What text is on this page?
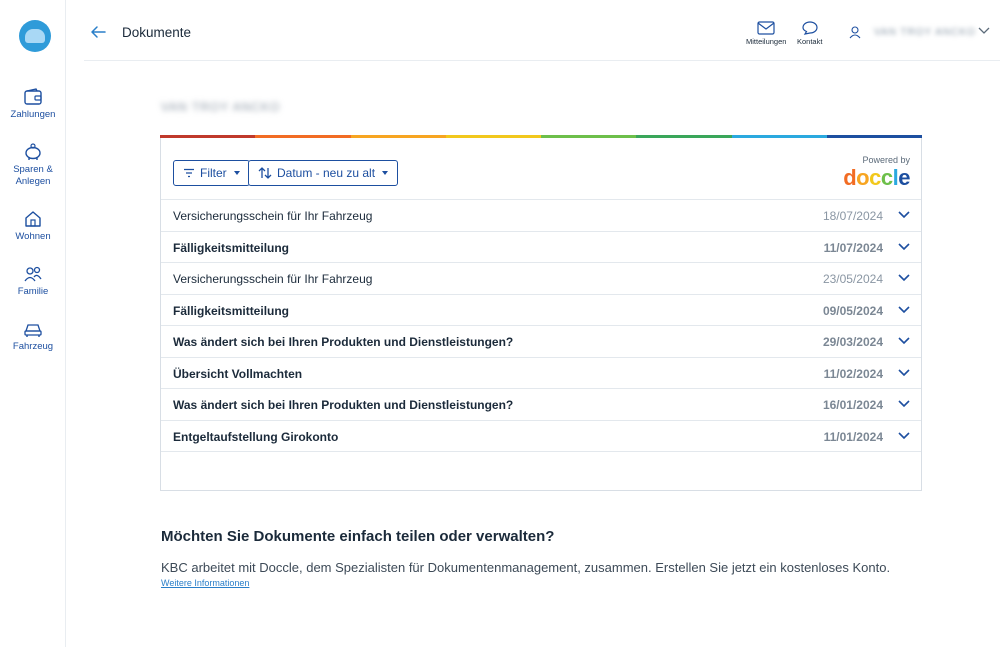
Zahlungen
Sparen &
Anlegen
Wohnen
Familie
Fahrzeug
Dokumente
Mitteilungen Kontakt
VAN TROY ANCKO
VAN TROY ANCKO
Filter	Datum - neu zu alt
Powered by
doccle
Versicherungsschein für Ihr Fahrzeug	18/07/2024
Fälligkeitsmitteilung	11/07/2024
Versicherungsschein für Ihr Fahrzeug	23/05/2024
Fälligkeitsmitteilung	09/05/2024
Was ändert sich bei Ihren Produkten und Dienstleistungen?	29/03/2024
Übersicht Vollmachten	11/02/2024
Was ändert sich bei Ihren Produkten und Dienstleistungen?	16/01/2024
Entgeltaufstellung Girokonto	11/01/2024
Möchten Sie Dokumente einfach teilen oder verwalten?

KBC arbeitet mit Doccle, dem Spezialisten für Dokumentenmanagement, zusammen. Erstellen Sie jetzt ein kostenloses Konto.

Weitere Informationen
